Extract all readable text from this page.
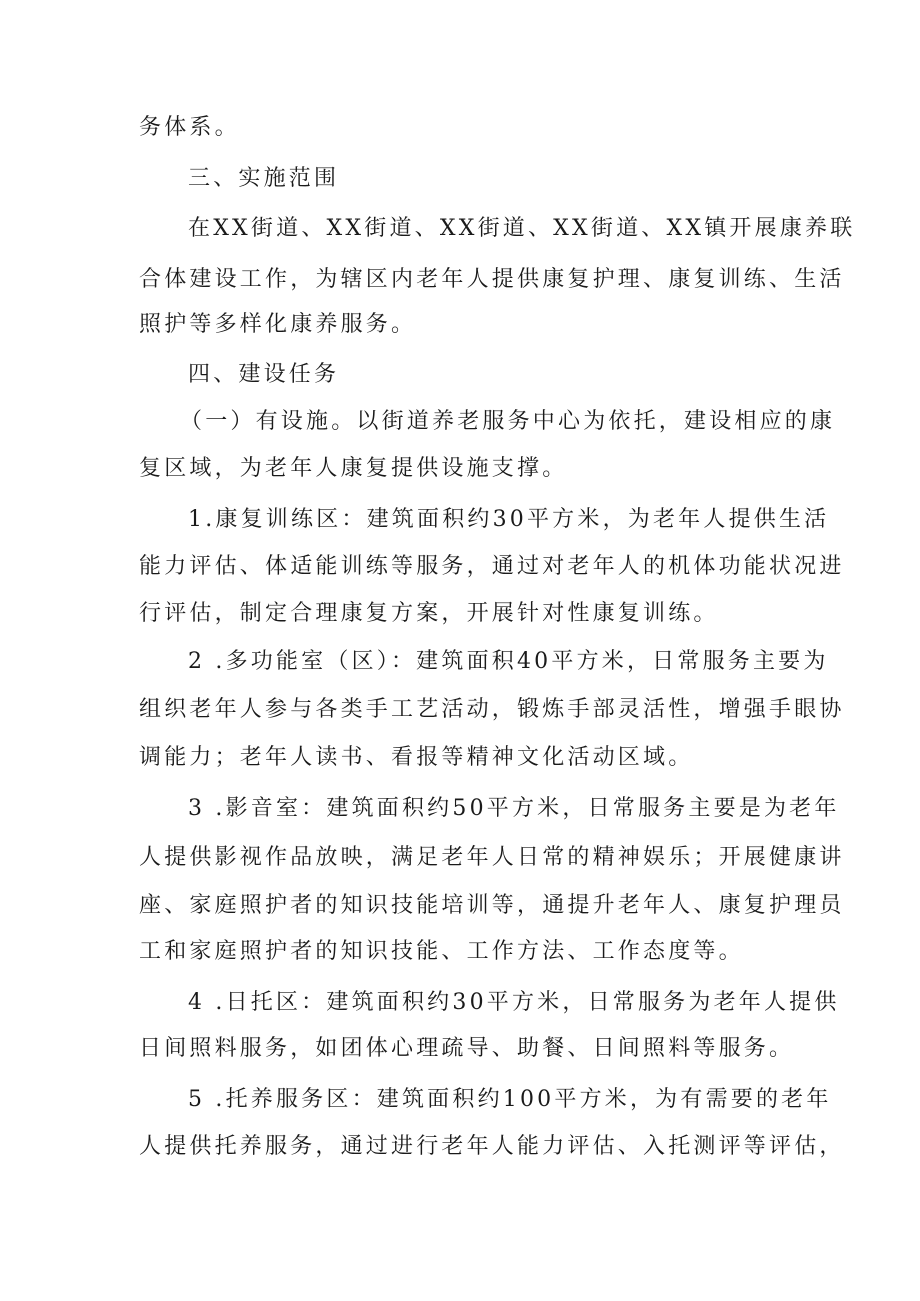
务体系。
三、实施范围
在XX街道、XX街道、XX街道、XX街道、XX镇开展康养联
合体建设工作，为辖区内老年人提供康复护理、康复训练、生活
照护等多样化康养服务。
四、建设任务
（一）有设施。以街道养老服务中心为依托，建设相应的康
复区域，为老年人康复提供设施支撑。
1.康复训练区：建筑面积约30平方米，为老年人提供生活
能力评估、体适能训练等服务，通过对老年人的机体功能状况进
行评估，制定合理康复方案，开展针对性康复训练。
2 .多功能室（区）：建筑面积40平方米，日常服务主要为
组织老年人参与各类手工艺活动，锻炼手部灵活性，增强手眼协
调能力；老年人读书、看报等精神文化活动区域。
3 .影音室：建筑面积约50平方米，日常服务主要是为老年
人提供影视作品放映，满足老年人日常的精神娱乐；开展健康讲
座、家庭照护者的知识技能培训等，通提升老年人、康复护理员
工和家庭照护者的知识技能、工作方法、工作态度等。
4 .日托区：建筑面积约30平方米，日常服务为老年人提供
日间照料服务，如团体心理疏导、助餐、日间照料等服务。
5 .托养服务区：建筑面积约100平方米，为有需要的老年
人提供托养服务，通过进行老年人能力评估、入托测评等评估，
